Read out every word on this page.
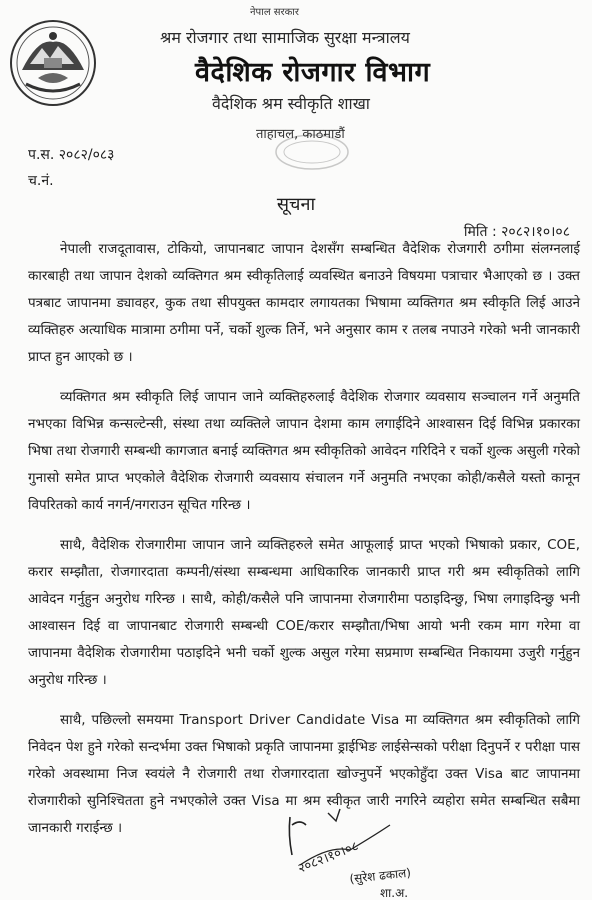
नेपाल सरकार
श्रम रोजगार तथा सामाजिक सुरक्षा मन्त्रालय
वैदेशिक रोजगार विभाग
वैदेशिक श्रम स्वीकृति शाखा
ताहाचल, काठमाडौं
प.स. २०८२/०८३
च.नं.
सूचना
मिति : २०८२।१०।०८

नेपाली राजदूतावास, टोकियो, जापानबाट जापान देशसँग सम्बन्धित वैदेशिक रोजगारी ठगीमा संलग्नलाई कारबाही तथा जापान देशको व्यक्तिगत श्रम स्वीकृतिलाई व्यवस्थित बनाउने विषयमा पत्राचार भैआएको छ । उक्त पत्रबाट जापानमा ड्यावहर, कुक तथा सीपयुक्त कामदार लगायतका भिषामा व्यक्तिगत श्रम स्वीकृति लिई आउने व्यक्तिहरु अत्याधिक मात्रामा ठगीमा पर्ने, चर्को शुल्क तिर्ने, भने अनुसार काम र तलब नपाउने गरेको भनी जानकारी प्राप्त हुन आएको छ ।

व्यक्तिगत श्रम स्वीकृति लिई जापान जाने व्यक्तिहरुलाई वैदेशिक रोजगार व्यवसाय सञ्चालन गर्ने अनुमति नभएका विभिन्न कन्सल्टेन्सी, संस्था तथा व्यक्तिले जापान देशमा काम लगाईदिने आश्वासन दिई विभिन्न प्रकारका भिषा तथा रोजगारी सम्बन्धी कागजात बनाई व्यक्तिगत श्रम स्वीकृतिको आवेदन गरिदिने र चर्को शुल्क असुली गरेको गुनासो समेत प्राप्त भएकोले वैदेशिक रोजगारी व्यवसाय संचालन गर्ने अनुमति नभएका कोही/कसैले यस्तो कानून विपरितको कार्य नगर्न/नगराउन सूचित गरिन्छ ।

साथै, वैदेशिक रोजगारीमा जापान जाने व्यक्तिहरुले समेत आफूलाई प्राप्त भएको भिषाको प्रकार, COE, करार सम्झौता, रोजगारदाता कम्पनी/संस्था सम्बन्धमा आधिकारिक जानकारी प्राप्त गरी श्रम स्वीकृतिको लागि आवेदन गर्नुहुन अनुरोध गरिन्छ । साथै, कोही/कसैले पनि जापानमा रोजगारीमा पठाइदिन्छु, भिषा लगाइदिन्छु भनी आश्वासन दिई वा जापानबाट रोजगारी सम्बन्धी COE/करार सम्झौता/भिषा आयो भनी रकम माग गरेमा वा जापानमा वैदेशिक रोजगारीमा पठाइदिने भनी चर्को शुल्क असुल गरेमा सप्रमाण सम्बन्धित निकायमा उजुरी गर्नुहुन अनुरोध गरिन्छ ।

साथै, पछिल्लो समयमा Transport Driver Candidate Visa मा व्यक्तिगत श्रम स्वीकृतिको लागि निवेदन पेश हुने गरेको सन्दर्भमा उक्त भिषाको प्रकृति जापानमा ड्राईभिङ लाईसेन्सको परीक्षा दिनुपर्ने र परीक्षा पास गरेको अवस्थामा निज स्वयंले नै रोजगारी तथा रोजगारदाता खोज्नुपर्ने भएकोहुँदा उक्त Visa बाट जापानमा रोजगारीको सुनिश्चितता हुने नभएकोले उक्त Visa मा श्रम स्वीकृत जारी नगरिने व्यहोरा समेत सम्बन्धित सबैमा जानकारी गराईन्छ ।

२०८२।१०।०८
(सुरेश ढकाल)
शा.अ.
